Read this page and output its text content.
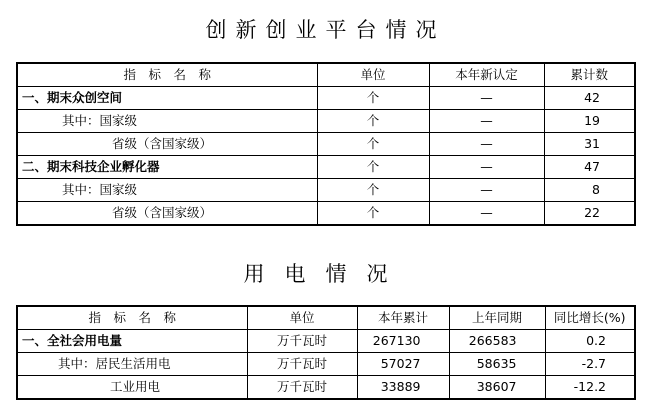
创新创业平台情况
指　标　名　称	单位	本年新认定	累计数
一、期末众创空间	个	—	42
其中：国家级	个	—	19
省级（含国家级）	个	—	31
二、期末科技企业孵化器	个	—	47
其中：国家级	个	—	8
省级（含国家级）	个	—	22
用电情况
指　标　名　称	单位	本年累计	上年同期	同比增长(%)
一、全社会用电量	万千瓦时	267130	266583	0.2
其中：居民生活用电	万千瓦时	57027	58635	-2.7
工业用电	万千瓦时	33889	38607	-12.2
